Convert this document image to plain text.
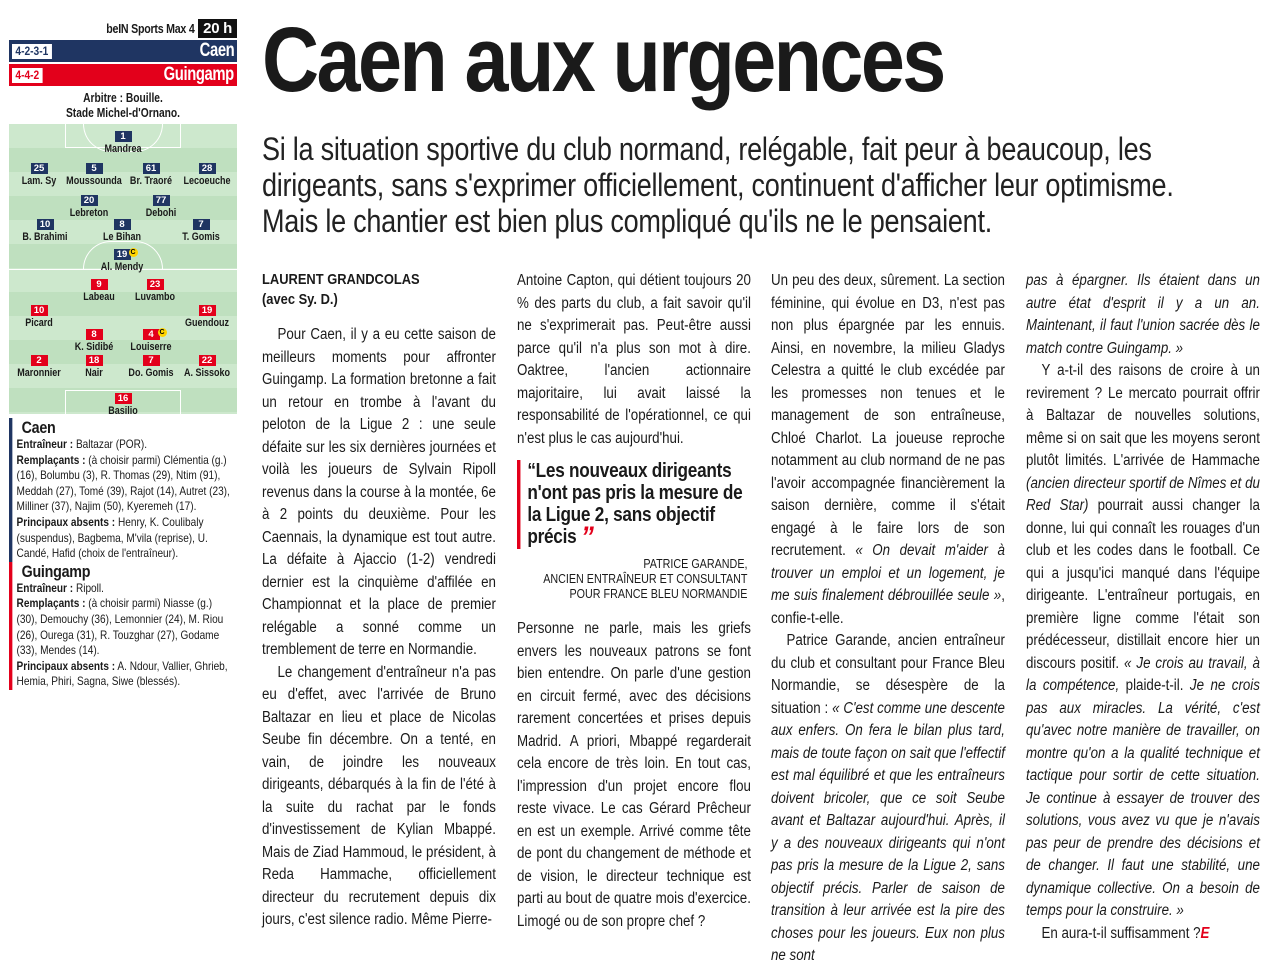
beIN Sports Max 4 20 h
4-2-3-1	Caen
4-4-2	Guingamp
Arbitre : Bouille.
Stade Michel-d'Ornano.
1
Mandrea
25
Lam. Sy
5
Moussounda
61
Br. Traoré
28
Lecoeuche
20
Lebreton
77
Debohi
10
B. Brahimi
8
Le Bihan
7
T. Gomis
19 C
Al. Mendy
9
Labeau
23
Luvambo
10
Picard
8
K. Sidibé
4 C
Louiserre
19
Guendouz
2
Maronnier
18
Nair
7
Do. Gomis
22
A. Sissoko
16
Basilio
Caen
Entraîneur : Baltazar (POR).
Remplaçants : (à choisir parmi) Clémentia (g.) (16), Bolumbu (3), R. Thomas (29), Ntim (91), Meddah (27), Tomé (39), Rajot (14), Autret (23), Milliner (37), Najim (50), Kyeremeh (17).
Principaux absents : Henry, K. Coulibaly (suspendus), Bagbema, M'vila (reprise), U. Candé, Hafid (choix de l'entraîneur).
Guingamp
Entraîneur : Ripoll.
Remplaçants : (à choisir parmi) Niasse (g.) (30), Demouchy (36), Lemonnier (24), M. Riou (26), Ourega (31), R. Touzghar (27), Godame (33), Mendes (14).
Principaux absents : A. Ndour, Vallier, Ghrieb, Hemia, Phiri, Sagna, Siwe (blessés).
Caen aux urgences

Si la situation sportive du club normand, relégable, fait peur à beaucoup, les dirigeants, sans s'exprimer officiellement, continuent d'afficher leur optimisme. Mais le chantier est bien plus compliqué qu'ils ne le pensaient.

LAURENT GRANDCOLAS
(avec Sy. D.)

Pour Caen, il y a eu cette saison de meilleurs moments pour affronter Guingamp. La formation bretonne a fait un retour en trombe à l'avant du peloton de la Ligue 2 : une seule défaite sur les six dernières journées et voilà les joueurs de Sylvain Ripoll revenus dans la course à la montée, 6e à 2 points du deuxième. Pour les Caennais, la dynamique est tout autre. La défaite à Ajaccio (1-2) vendredi dernier est la cinquième d'affilée en Championnat et la place de premier relégable a sonné comme un tremblement de terre en Normandie.

Le changement d'entraîneur n'a pas eu d'effet, avec l'arrivée de Bruno Baltazar en lieu et place de Nicolas Seube fin décembre. On a tenté, en vain, de joindre les nouveaux dirigeants, débarqués à la fin de l'été à la suite du rachat par le fonds d'investissement de Kylian Mbappé. Mais de Ziad Hammoud, le président, à Reda Hammache, officiellement directeur du recrutement depuis dix jours, c'est silence radio. Même Pierre-

Antoine Capton, qui détient toujours 20 % des parts du club, a fait savoir qu'il ne s'exprimerait pas. Peut-être aussi parce qu'il n'a plus son mot à dire. Oaktree, l'ancien actionnaire majoritaire, lui avait laissé la responsabilité de l'opérationnel, ce qui n'est plus le cas aujourd'hui.

“Les nouveaux dirigeants n'ont pas pris la mesure de la Ligue 2, sans objectif précis ”
PATRICE GARANDE,
ANCIEN ENTRAÎNEUR ET CONSULTANT
POUR FRANCE BLEU NORMANDIE

Personne ne parle, mais les griefs envers les nouveaux patrons se font bien entendre. On parle d'une gestion en circuit fermé, avec des décisions rarement concertées et prises depuis Madrid. A priori, Mbappé regarderait cela encore de très loin. En tout cas, l'impression d'un projet encore flou reste vivace. Le cas Gérard Prêcheur en est un exemple. Arrivé comme tête de pont du changement de méthode et de vision, le directeur technique est parti au bout de quatre mois d'exercice. Limogé ou de son propre chef ?

Un peu des deux, sûrement. La section féminine, qui évolue en D3, n'est pas non plus épargnée par les ennuis. Ainsi, en novembre, la milieu Gladys Celestra a quitté le club excédée par les promesses non tenues et le management de son entraîneuse, Chloé Charlot. La joueuse reproche notamment au club normand de ne pas l'avoir accompagnée financièrement la saison dernière, comme il s'était engagé à le faire lors de son recrutement. « On devait m'aider à trouver un emploi et un logement, je me suis finalement débrouillée seule », confie-t-elle.

Patrice Garande, ancien entraîneur du club et consultant pour France Bleu Normandie, se désespère de la situation : « C'est comme une descente aux enfers. On fera le bilan plus tard, mais de toute façon on sait que l'effectif est mal équilibré et que les entraîneurs doivent bricoler, que ce soit Seube avant et Baltazar aujourd'hui. Après, il y a des nouveaux dirigeants qui n'ont pas pris la mesure de la Ligue 2, sans objectif précis. Parler de saison de transition à leur arrivée est la pire des choses pour les joueurs. Eux non plus ne sont

pas à épargner. Ils étaient dans un autre état d'esprit il y a un an. Maintenant, il faut l'union sacrée dès le match contre Guingamp. »

Y a-t-il des raisons de croire à un revirement ? Le mercato pourrait offrir à Baltazar de nouvelles solutions, même si on sait que les moyens seront plutôt limités. L'arrivée de Hammache (ancien directeur sportif de Nîmes et du Red Star) pourrait aussi changer la donne, lui qui connaît les rouages d'un club et les codes dans le football. Ce qui a jusqu'ici manqué dans l'équipe dirigeante. L'entraîneur portugais, en première ligne comme l'était son prédécesseur, distillait encore hier un discours positif. « Je crois au travail, à la compétence, plaide-t-il. Je ne crois pas aux miracles. La vérité, c'est qu'avec notre manière de travailler, on montre qu'on a la qualité technique et tactique pour sortir de cette situation. Je continue à essayer de trouver des solutions, vous avez vu que je n'avais pas peur de prendre des décisions et de changer. Il faut une stabilité, une dynamique collective. On a besoin de temps pour la construire. »

En aura-t-il suffisamment ?E
